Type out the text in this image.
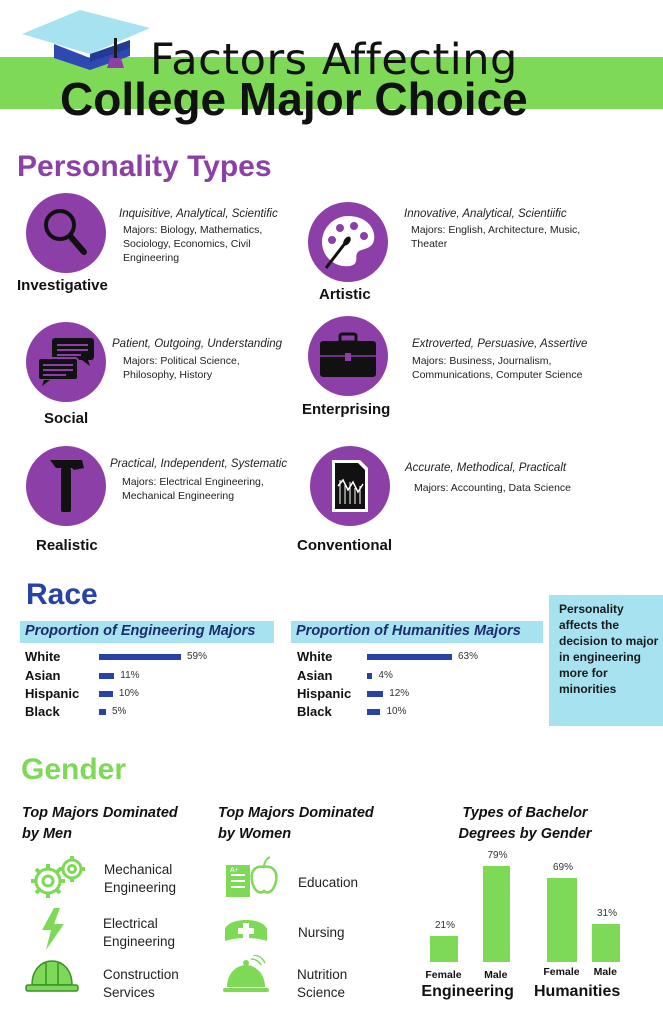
Factors Affecting
College Major Choice
Personality Types
Investigative
Inquisitive, Analytical, Scientific
Majors: Biology, Mathematics, Sociology, Economics, Civil Engineering
Artistic
Innovative, Analytical, Scientiific
Majors: English, Architecture, Music, Theater
Social
Patient, Outgoing, Understanding
Majors: Political Science, Philosophy, History
Enterprising
Extroverted, Persuasive, Assertive
Majors: Business, Journalism, Communications, Computer Science
Realistic
Practical, Independent, Systematic
Majors: Electrical Engineering, Mechanical Engineering
Conventional
Accurate, Methodical, Practicalt
Majors: Accounting, Data Science
Race
Proportion of Engineering Majors	Proportion of Humanities Majors
White	59%
Asian	11%
Hispanic	10%
Black	5%
White	63%
Asian	4%
Hispanic	12%
Black	10%
Personality affects the decision to major in engineering more for minorities
Gender
Top Majors Dominated
by Men
Top Majors Dominated
by Women
Types of Bachelor
Degrees by Gender
Mechanical
Engineering
Electrical
Engineering
Construction
Services
A+
Education
Nursing
Nutrition
Science
21%
Female
79%
Male
Engineering
69%
Female
31%
Male
Humanities
